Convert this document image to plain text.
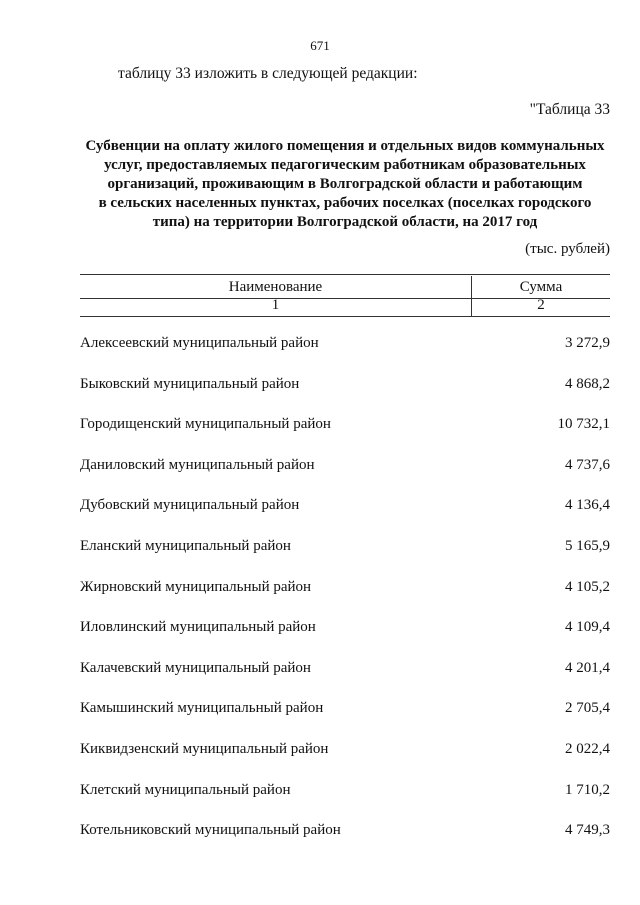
671
таблицу 33 изложить в следующей редакции:
"Таблица 33
Субвенции на оплату жилого помещения и отдельных видов коммунальных
услуг, предоставляемых педагогическим работникам образовательных
организаций, проживающим в Волгоградской области и работающим
в сельских населенных пунктах, рабочих поселках (поселках городского
типа) на территории Волгоградской области, на 2017 год
(тыс. рублей)
Наименование	Сумма
1	2
Алексеевский муниципальный район	3 272,9
Быковский муниципальный район	4 868,2
Городищенский муниципальный район	10 732,1
Даниловский муниципальный район	4 737,6
Дубовский муниципальный район	4 136,4
Еланский муниципальный район	5 165,9
Жирновский муниципальный район	4 105,2
Иловлинский муниципальный район	4 109,4
Калачевский муниципальный район	4 201,4
Камышинский муниципальный район	2 705,4
Киквидзенский муниципальный район	2 022,4
Клетский муниципальный район	1 710,2
Котельниковский муниципальный район	4 749,3
